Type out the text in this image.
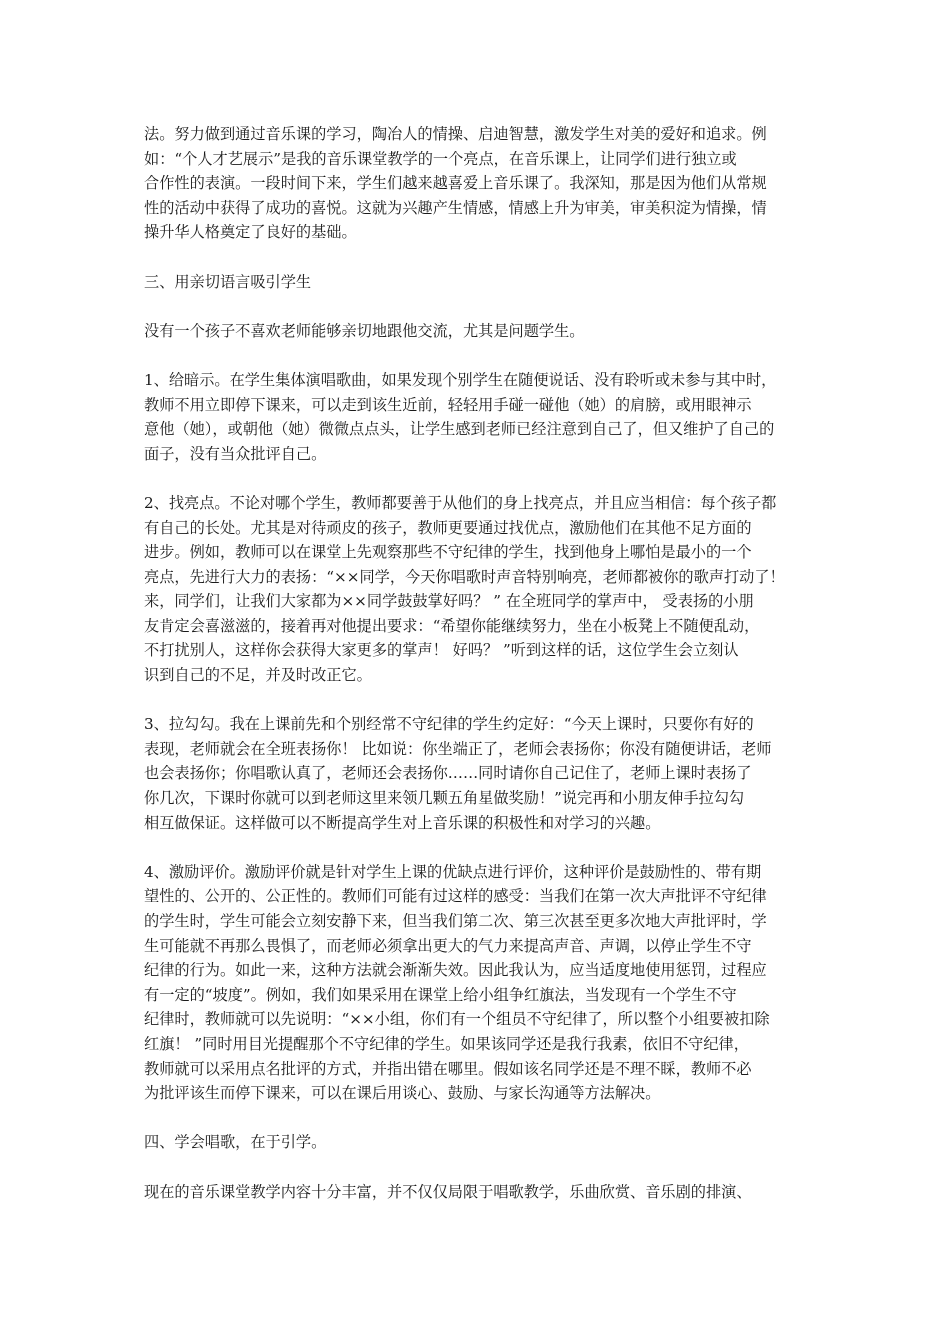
法。努力做到通过音乐课的学习，陶冶人的情操、启迪智慧，激发学生对美的爱好和追求。例
如：“个人才艺展示”是我的音乐课堂教学的一个亮点，在音乐课上，让同学们进行独立或
合作性的表演。一段时间下来，学生们越来越喜爱上音乐课了。我深知，那是因为他们从常规
性的活动中获得了成功的喜悦。这就为兴趣产生情感，情感上升为审美，审美积淀为情操，情
操升华人格奠定了良好的基础。

三、用亲切语言吸引学生

没有一个孩子不喜欢老师能够亲切地跟他交流，尤其是问题学生。

1、给暗示。在学生集体演唱歌曲，如果发现个别学生在随便说话、没有聆听或未参与其中时，
教师不用立即停下课来，可以走到该生近前，轻轻用手碰一碰他（她）的肩膀，或用眼神示
意他（她），或朝他（她）微微点点头，让学生感到老师已经注意到自己了，但又维护了自己的
面子，没有当众批评自己。

2、找亮点。不论对哪个学生，教师都要善于从他们的身上找亮点，并且应当相信：每个孩子都
有自己的长处。尤其是对待顽皮的孩子，教师更要通过找优点，激励他们在其他不足方面的
进步。例如，教师可以在课堂上先观察那些不守纪律的学生，找到他身上哪怕是最小的一个
亮点，先进行大力的表扬：“××同学，今天你唱歌时声音特别响亮，老师都被你的歌声打动了！
来，同学们，让我们大家都为××同学鼓鼓掌好吗？ ” 在全班同学的掌声中， 受表扬的小朋
友肯定会喜滋滋的，接着再对他提出要求：“希望你能继续努力，坐在小板凳上不随便乱动，
不打扰别人，这样你会获得大家更多的掌声！ 好吗？ ”听到这样的话，这位学生会立刻认
识到自己的不足，并及时改正它。

3、拉勾勾。我在上课前先和个别经常不守纪律的学生约定好：“今天上课时，只要你有好的
表现，老师就会在全班表扬你！ 比如说：你坐端正了，老师会表扬你；你没有随便讲话，老师
也会表扬你；你唱歌认真了，老师还会表扬你……同时请你自己记住了，老师上课时表扬了
你几次，下课时你就可以到老师这里来领几颗五角星做奖励！”说完再和小朋友伸手拉勾勾
相互做保证。这样做可以不断提高学生对上音乐课的积极性和对学习的兴趣。

4、激励评价。激励评价就是针对学生上课的优缺点进行评价，这种评价是鼓励性的、带有期
望性的、公开的、公正性的。教师们可能有过这样的感受：当我们在第一次大声批评不守纪律
的学生时，学生可能会立刻安静下来，但当我们第二次、第三次甚至更多次地大声批评时，学
生可能就不再那么畏惧了，而老师必须拿出更大的气力来提高声音、声调，以停止学生不守
纪律的行为。如此一来，这种方法就会渐渐失效。因此我认为，应当适度地使用惩罚，过程应
有一定的“坡度”。例如，我们如果采用在课堂上给小组争红旗法，当发现有一个学生不守
纪律时，教师就可以先说明：“××小组，你们有一个组员不守纪律了，所以整个小组要被扣除
红旗！ ”同时用目光提醒那个不守纪律的学生。如果该同学还是我行我素，依旧不守纪律，
教师就可以采用点名批评的方式，并指出错在哪里。假如该名同学还是不理不睬，教师不必
为批评该生而停下课来，可以在课后用谈心、鼓励、与家长沟通等方法解决。

四、学会唱歌，在于引学。

现在的音乐课堂教学内容十分丰富，并不仅仅局限于唱歌教学，乐曲欣赏、音乐剧的排演、
